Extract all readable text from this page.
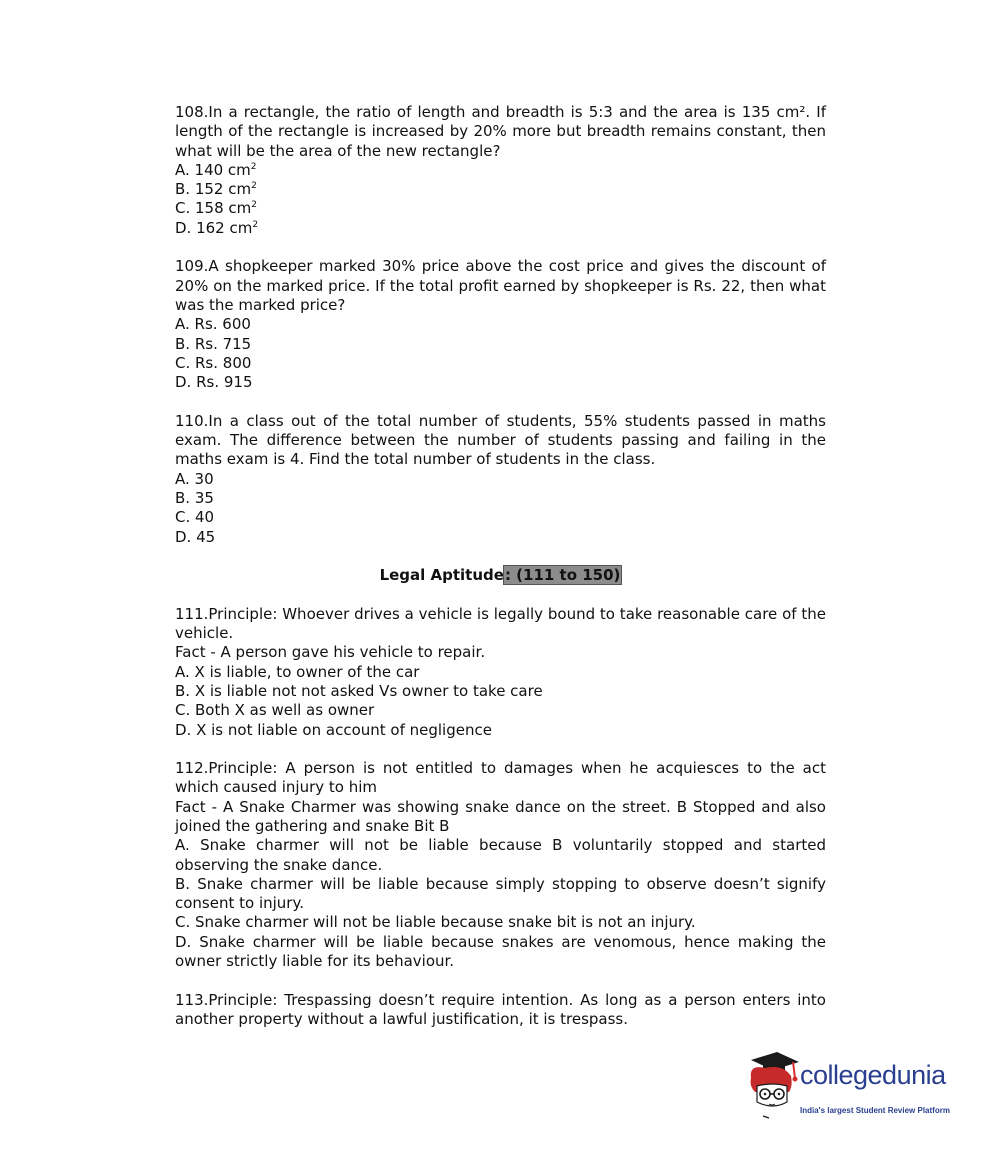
108.In a rectangle, the ratio of length and breadth is 5:3 and the area is 135 cm². If length of the rectangle is increased by 20% more but breadth remains constant, then what will be the area of the new rectangle?

A. 140 $cm^2$
B. 152 $cm^2$
C. 158 $cm^2$
D. 162 $cm^2$

109.A shopkeeper marked 30% price above the cost price and gives the discount of 20% on the marked price. If the total profit earned by shopkeeper is Rs. 22, then what was the marked price?

A. Rs. 600
B. Rs. 715
C. Rs. 800
D. Rs. 915

110.In a class out of the total number of students, 55% students passed in maths exam. The difference between the number of students passing and failing in the maths exam is 4. Find the total number of students in the class.

A. 30
B. 35
C. 40
D. 45
Legal Aptitude: (111 to 150)

111.Principle: Whoever drives a vehicle is legally bound to take reasonable care of the vehicle.

Fact - A person gave his vehicle to repair.

A. X is liable, to owner of the car
B. X is liable not not asked Vs owner to take care
C. Both X as well as owner
D. X is not liable on account of negligence

112.Principle: A person is not entitled to damages when he acquiesces to the act which caused injury to him

Fact - A Snake Charmer was showing snake dance on the street. B Stopped and also joined the gathering and snake Bit B

A. Snake charmer will not be liable because B voluntarily stopped and started observing the snake dance.

B. Snake charmer will be liable because simply stopping to observe doesn’t signify consent to injury.

C. Snake charmer will not be liable because snake bit is not an injury.

D. Snake charmer will be liable because snakes are venomous, hence making the owner strictly liable for its behaviour.

113.Principle: Trespassing doesn’t require intention. As long as a person enters into another property without a lawful justification, it is trespass.

collegedunia
India's largest Student Review Platform
